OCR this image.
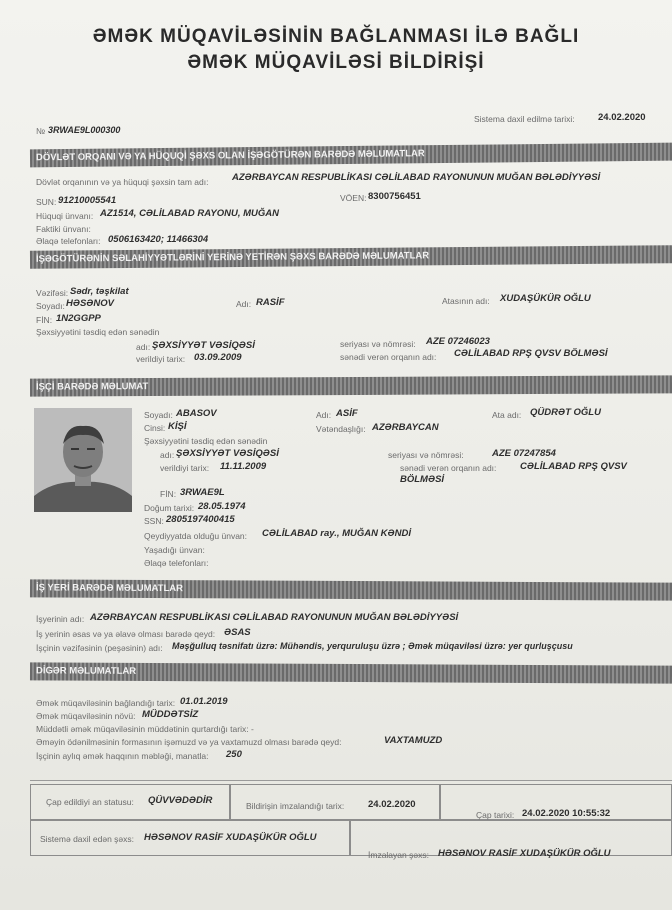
ƏMƏK MÜQAVİLƏSİNİN BAĞLANMASI İLƏ BAĞLI
ƏMƏK MÜQAVİLƏSİ BİLDİRİŞİ
№ 3RWAE9L000300
Sistema daxil edilmə tarixi: 24.02.2020
DÖVLƏT ORQANI VƏ YA HÜQUQİ ŞƏXS OLAN İŞƏGÖTÜRƏN BARƏDƏ MƏLUMATLAR
Dövlət orqanının və ya hüquqi şəxsin tam adı: AZƏRBAYCAN RESPUBLİKASI CƏLİLABAD RAYONUNUN MUĞAN BƏLƏDİYYƏSİ
SUN: 91210005541	VÖEN: 8300756451
Hüquqi ünvanı: AZ1514, CƏLİLABAD RAYONU, MUĞAN
Faktiki ünvanı:
Əlaqə telefonları: 0506163420; 11466304
İŞƏGÖTÜRƏNİN SƏLAHİYYƏTLƏRİNİ YERİNƏ YETİRƏN ŞƏXS BARƏDƏ MƏLUMATLAR
Vəzifəsi: Sədr, təşkilat
Soyadı: HƏSƏNOV	Adı: RASİF	Atasının adı: XUDAŞÜKÜR OĞLU
FİN: 1N2GGPP
Şəxsiyyətini təsdiq edən sənədin
adı: ŞƏXSİYYƏT VƏSİQƏSİ	seriyası və nömrəsi: AZE 07246023
verildiyi tarix: 03.09.2009	sənədi verən orqanın adı: CƏLİLABAD RPŞ QVSV BÖLMƏSİ
İŞÇİ BARƏDƏ MƏLUMAT
Soyadı: ABASOV	Adı: ASİF	Ata adı: QÜDRƏT OĞLU
Cinsi: KİŞİ	Vətəndaşlığı: AZƏRBAYCAN
Şəxsiyyətini təsdiq edən sənədin
adı: ŞƏXSİYYƏT VƏSİQƏSİ	seriyası və nömrəsi:	AZE 07247854
verildiyi tarix: 11.11.2009	sənədi verən orqanın adı: CƏLİLABAD RPŞ QVSV
BÖLMƏSİ
FİN: 3RWAE9L
Doğum tarixi: 28.05.1974
SSN: 2805197400415
Qeydiyyatda olduğu ünvan: CƏLİLABAD ray., MUĞAN KƏNDİ
Yaşadığı ünvan:
Əlaqə telefonları:
İŞ YERİ BARƏDƏ MƏLUMATLAR
İşyerinin adı: AZƏRBAYCAN RESPUBLİKASI CƏLİLABAD RAYONUNUN MUĞAN BƏLƏDİYYƏSİ
İş yerinin əsas və ya əlavə olması barədə qeyd: ƏSAS
İşçinin vəzifəsinin (peşəsinin) adı: Məşğulluq təsnifatı üzrə: Mühəndis, yerquruluşu üzrə ; Əmək müqaviləsi üzrə: yer qurluşçusu
DİGƏR MƏLUMATLAR
Əmək müqaviləsinin bağlandığı tarix: 01.01.2019
Əmək müqaviləsinin növü: MÜDDƏTSİZ
Müddətli əmək müqaviləsinin müddətinin qurtardığı tarix: -
Əməyin ödənilməsinin formasının işəmuzd və ya vaxtamuzd olması barədə qeyd:	VAXTAMUZD
İşçinin aylıq əmək haqqının məbləği, manatla: 250
Çap edildiyi an statusu: QÜVVƏDƏDİR	Bildirişin imzalandığı tarix: 24.02.2020
Çap tarixi: 24.02.2020 10:55:32
Sistemə daxil edən şəxs: HƏSƏNOV RASİF XUDAŞÜKÜR OĞLU
İmzalayan şəxs: HƏSƏNOV RASİF XUDAŞÜKÜR OĞLU
